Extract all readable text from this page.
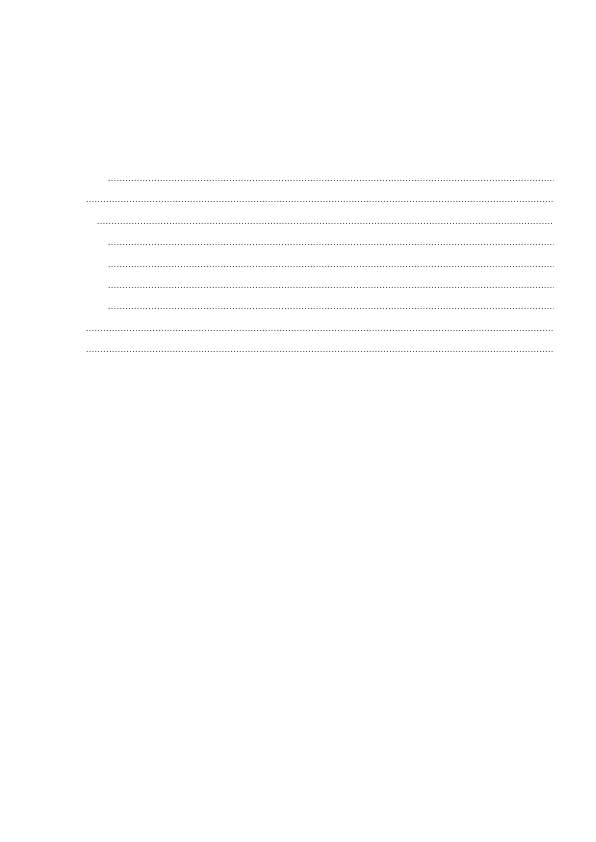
.....
.....
.....
.....
.....
.....
.....
.....
.....
